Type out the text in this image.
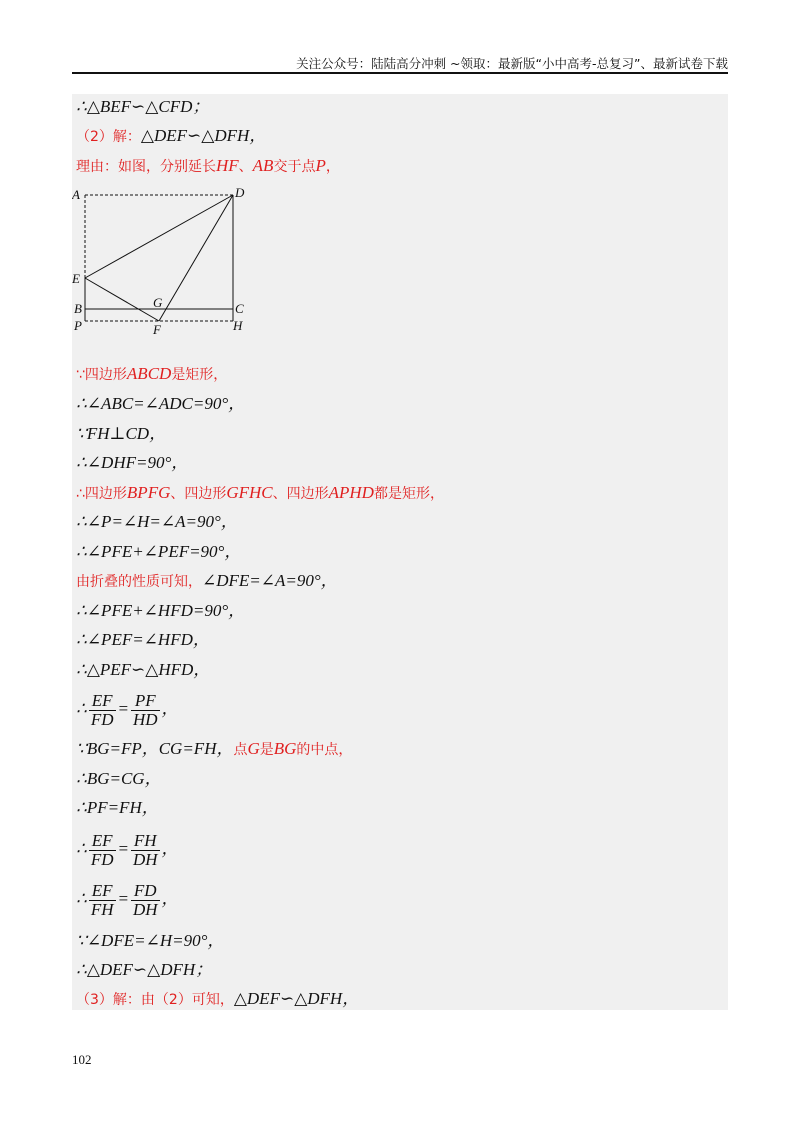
关注公众号：陆陆高分冲刺 ~领取：最新版“小中高考-总复习”、最新试卷下载
∴△BEF∽△CFD；
（2）解：△DEF∽△DFH，
理由：如图，分别延长HF、AB交于点P，
A	D
E
B	G	C
P	F	H
∵四边形ABCD是矩形，
∴∠ABC=∠ADC=90°，
∵FH⊥CD，
∴∠DHF=90°，
∴四边形BPFG、四边形GFHC、四边形APHD都是矩形，
∴∠P=∠H=∠A=90°，
∴∠PFE+∠PEF=90°，
由折叠的性质可知，∠DFE=∠A=90°，
∴∠PFE+∠HFD=90°，
∴∠PEF=∠HFD，
∴△PEF∽△HFD，
∴ $\frac{EF}{FD} = \frac{PF}{HD}$ ，
∵BG=FP，CG=FH，点G是BG的中点，
∴BG=CG，
∴PF=FH，
∴ $\frac{EF}{FD} = \frac{FH}{DH}$ ，
∴ $\frac{EF}{FH} = \frac{FD}{DH}$ ，
∵∠DFE=∠H=90°，
∴△DEF∽△DFH；
（3）解：由（2）可知，△DEF∽△DFH，
102
